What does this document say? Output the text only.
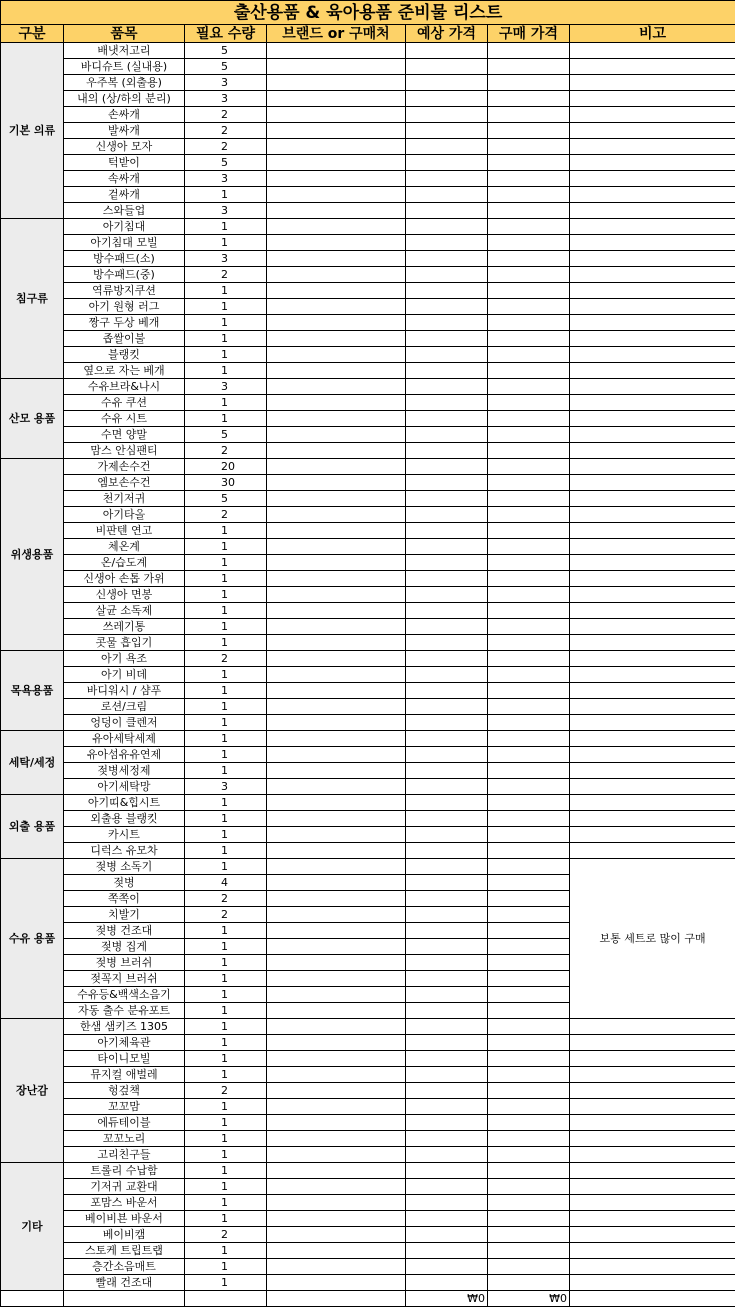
출산용품 & 육아용품 준비물 리스트						
구분	품목	필요 수량	브랜드 or 구매처	예상 가격	구매 가격	비고
기본 의류	배냇저고리	5				
	바디슈트 (실내용)	5				
	우주복 (외출용)	3				
	내의 (상/하의 분리)	3				
	손싸개	2				
	발싸개	2				
	신생아 모자	2				
	턱받이	5				
	속싸개	3				
	겉싸개	1				
	스와들업	3				
침구류	아기침대	1				
	아기침대 모빌	1				
	방수패드(소)	3				
	방수패드(중)	2				
	역류방지쿠션	1				
	아기 원형 러그	1				
	짱구 두상 베개	1				
	좁쌀이불	1				
	블랭킷	1				
	옆으로 자는 베개	1				
산모 용품	수유브라&나시	3				
	수유 쿠션	1				
	수유 시트	1				
	수면 양말	5				
	맘스 안심팬티	2				
위생용품	가제손수건	20				
	엠보손수건	30				
	천기저귀	5				
	아기타올	2				
	비판텐 연고	1				
	체온계	1				
	온/습도계	1				
	신생아 손톱 가위	1				
	신생아 면봉	1				
	살균 소독제	1				
	쓰레기통	1				
	콧물 흡입기	1				
목욕용품	아기 욕조	2				
	아기 비데	1				
	바디워시 / 샴푸	1				
	로션/크림	1				
	엉덩이 클렌저	1				
세탁/세정	유아세탁세제	1				
	유아섬유유연제	1				
	젖병세정제	1				
	아기세탁망	3				
외출 용품	아기띠&힙시트	1				
	외출용 블랭킷	1				
	카시트	1				
	디럭스 유모차	1				
수유 용품	젖병 소독기	1				보통 세트로 많이 구매
	젖병	4				
	쪽쪽이	2				
	치발기	2				
	젖병 건조대	1				
	젖병 집게	1				
	젖병 브러쉬	1				
	젖꼭지 브러쉬	1				
	수유등&백색소음기	1				
	자동 출수 분유포트	1				
장난감	한샘 샘키즈 1305	1				
	아기체육관	1				
	타이니모빌	1				
	뮤지컬 애벌레	1				
	헝겊책	2				
	꼬꼬맘	1				
	에듀테이블	1				
	꼬꼬노리	1				
	고리친구들	1				
기타	트롤리 수납함	1				
	기저귀 교환대	1				
	포맘스 바운서	1				
	베이비뵨 바운서	1				
	베이비캠	2				
	스토케 트립트랩	1				
	층간소음매트	1				
	빨래 건조대	1				
				₩0	₩0	
